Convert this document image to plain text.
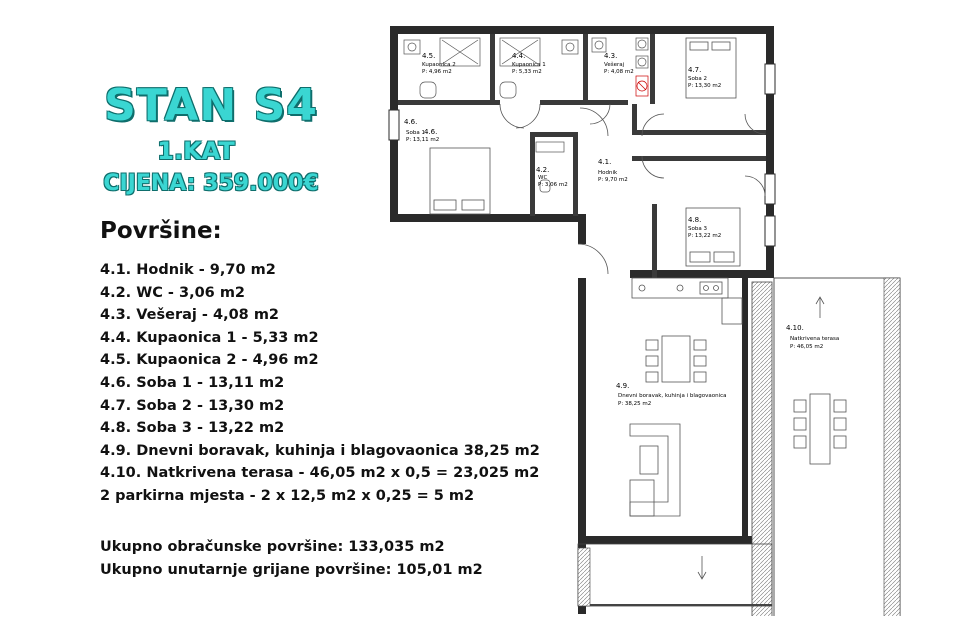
STAN S4
1.KAT
CIJENA: 359.000€
Površine:
4.1. Hodnik - 9,70 m2
4.2. WC - 3,06 m2
4.3. Vešeraj - 4,08 m2
4.4. Kupaonica 1 - 5,33 m2
4.5. Kupaonica 2 - 4,96 m2
4.6. Soba 1 - 13,11 m2
4.7. Soba 2 - 13,30 m2
4.8. Soba 3 - 13,22 m2
4.9. Dnevni boravak, kuhinja i blagovaonica 38,25 m2
4.10. Natkrivena terasa - 46,05 m2 x 0,5 = 23,025 m2
2 parkirna mjesta - 2 x 12,5 m2 x 0,25 = 5 m2
Ukupno obračunske površine: 133,035 m2
Ukupno unutarnje grijane površine: 105,01 m2
4.5.
Kupaonica 2
P: 4,96 m2
4.4.
Kupaonica 1
P: 5,33 m2
4.3.
Vešeraj
P: 4,08 m2	4.7.
Soba 2
P: 13,30 m2
4.6.
4.6.
Soba 1
P: 13,11 m2
4.2.
WC
P: 3,06 m2
4.1.
Hodnik
P: 9,70 m2
4.8.
Soba 3
P: 13,22 m2
4.9.
Dnevni boravak, kuhinja i blagovaonica
P: 38,25 m2
4.10.
Natkrivena terasa
P: 46,05 m2
